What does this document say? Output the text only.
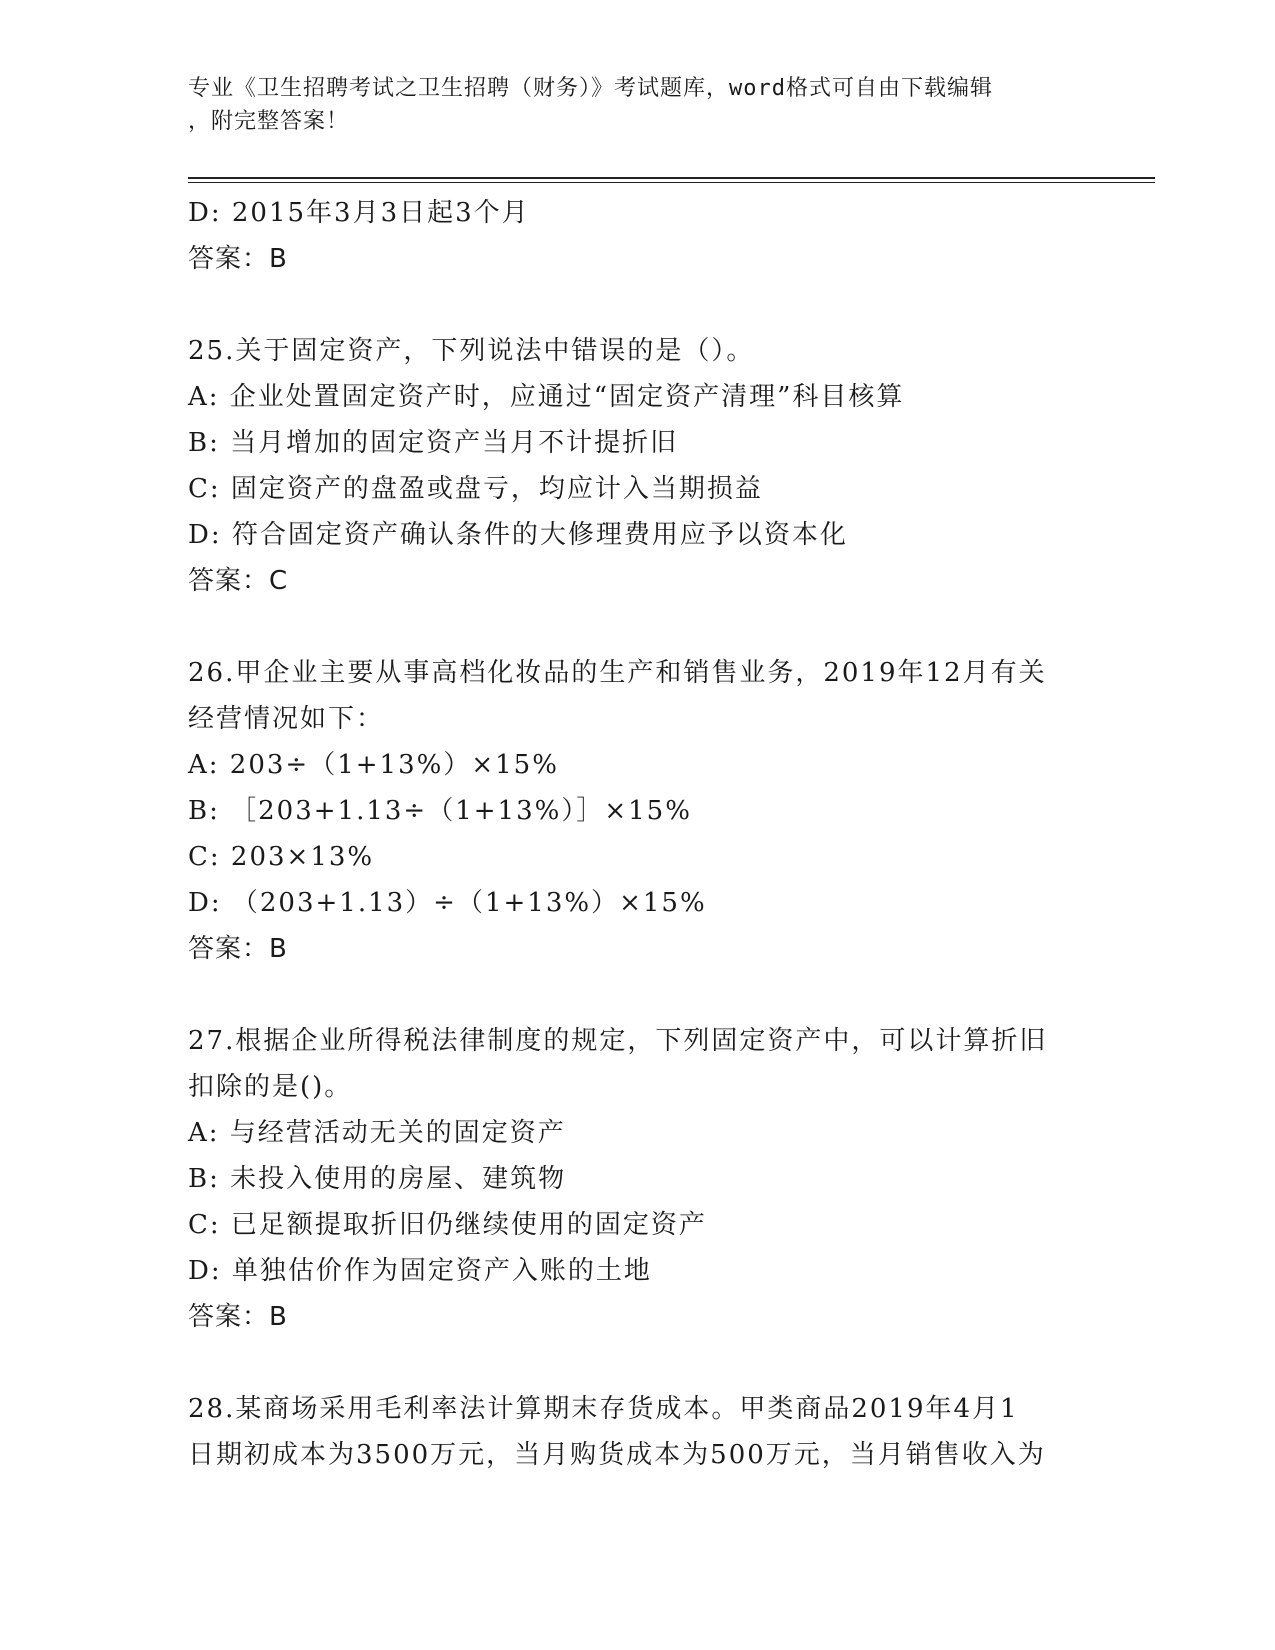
专业《卫生招聘考试之卫生招聘（财务）》考试题库，word格式可自由下载编辑
，附完整答案！
D: 2015年3月3日起3个月
答案：B
25.关于固定资产，下列说法中错误的是（）。
A: 企业处置固定资产时，应通过“固定资产清理”科目核算
B: 当月增加的固定资产当月不计提折旧
C: 固定资产的盘盈或盘亏，均应计入当期损益
D: 符合固定资产确认条件的大修理费用应予以资本化
答案：C
26.甲企业主要从事高档化妆品的生产和销售业务，2019年12月有关
经营情况如下：
A: 203÷（1+13%）×15%
B: ［203+1.13÷（1+13%）］×15%
C: 203×13%
D: （203+1.13）÷（1+13%）×15%
答案：B
27.根据企业所得税法律制度的规定，下列固定资产中，可以计算折旧
扣除的是()。
A: 与经营活动无关的固定资产
B: 未投入使用的房屋、建筑物
C: 已足额提取折旧仍继续使用的固定资产
D: 单独估价作为固定资产入账的土地
答案：B
28.某商场采用毛利率法计算期末存货成本。甲类商品2019年4月1
日期初成本为3500万元，当月购货成本为500万元，当月销售收入为
